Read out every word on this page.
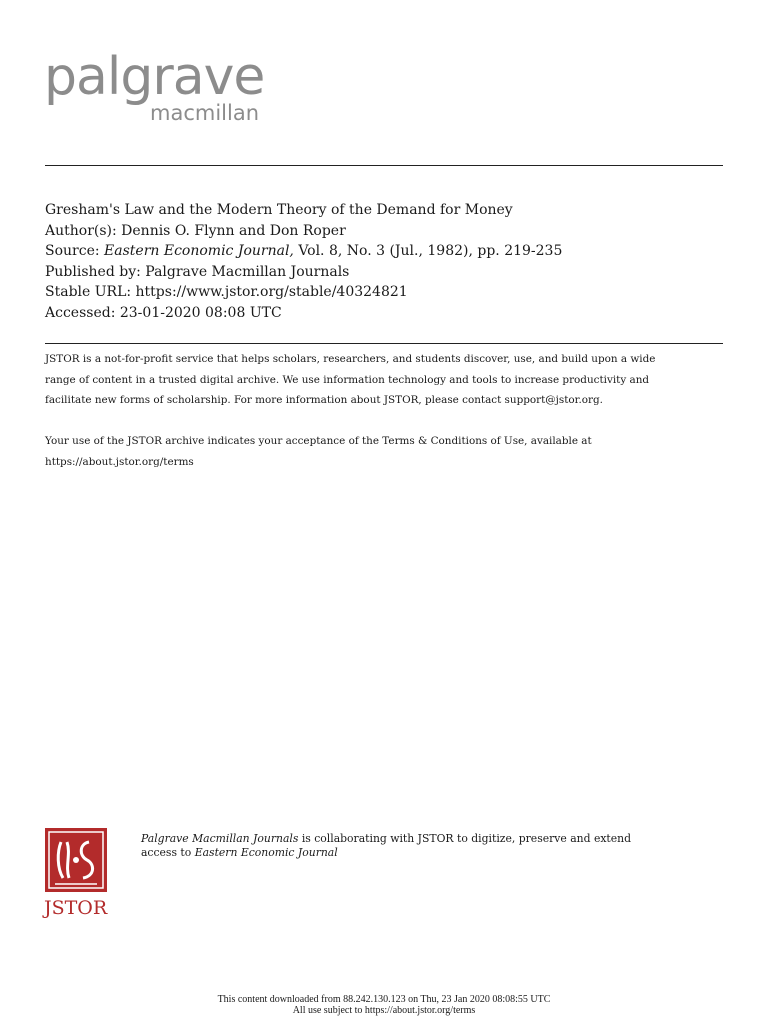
palgrave
macmillan
Gresham's Law and the Modern Theory of the Demand for Money
Author(s): Dennis O. Flynn and Don Roper
Source: Eastern Economic Journal, Vol. 8, No. 3 (Jul., 1982), pp. 219-235
Published by: Palgrave Macmillan Journals
Stable URL: https://www.jstor.org/stable/40324821
Accessed: 23-01-2020 08:08 UTC
JSTOR is a not-for-profit service that helps scholars, researchers, and students discover, use, and build upon a wide
range of content in a trusted digital archive. We use information technology and tools to increase productivity and
facilitate new forms of scholarship. For more information about JSTOR, please contact support@jstor.org.
Your use of the JSTOR archive indicates your acceptance of the Terms & Conditions of Use, available at
https://about.jstor.org/terms
JSTOR
Palgrave Macmillan Journals is collaborating with JSTOR to digitize, preserve and extend
access to Eastern Economic Journal
This content downloaded from 88.242.130.123 on Thu, 23 Jan 2020 08:08:55 UTC
All use subject to https://about.jstor.org/terms
